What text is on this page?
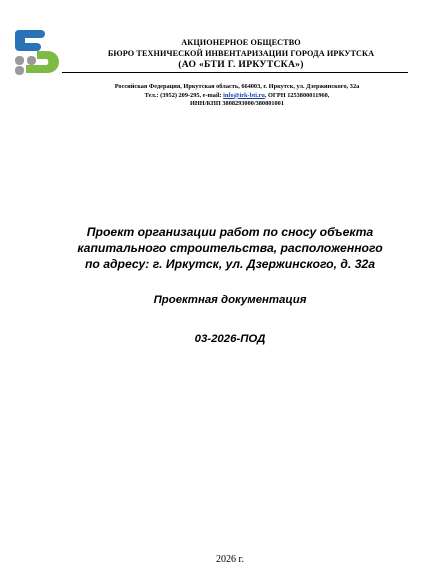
АКЦИОНЕРНОЕ ОБЩЕСТВО
БЮРО ТЕХНИЧЕСКОЙ ИНВЕНТАРИЗАЦИИ ГОРОДА ИРКУТСКА
(АО «БТИ Г. ИРКУТСКА»)
Российская Федерация, Иркутская область, 664003, г. Иркутск, ул. Дзержинского, 32а
Тел.: (3952) 209-295, e-mail: info@irk-bti.ru, ОГРН 1253800011960,
ИНН/КПП 3808293000/380801001
Проект организации работ по сносу объекта
капитального строительства, расположенного
по адресу: г. Иркутск, ул. Дзержинского, д. 32а
Проектная документация
03-2026-ПОД
2026 г.
